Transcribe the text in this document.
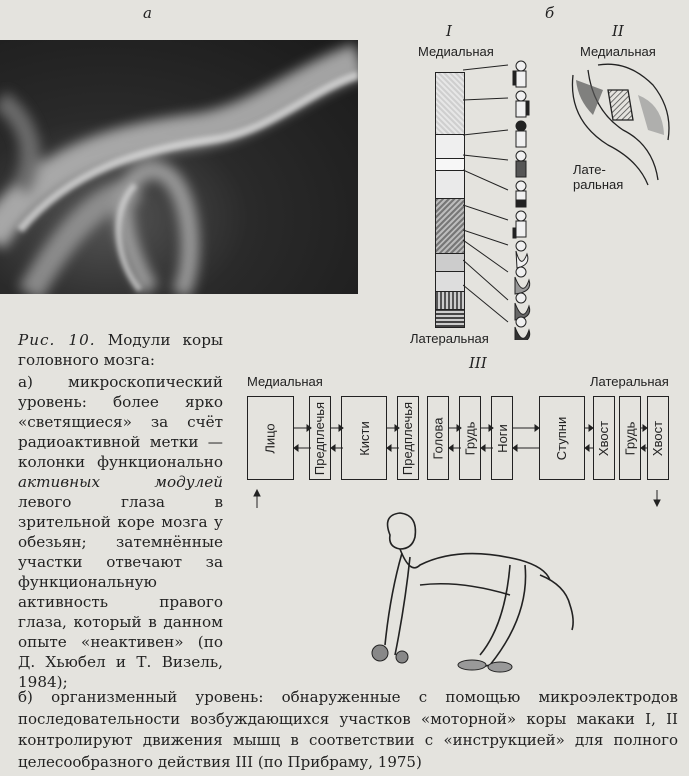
а	б
I	II
III
Медиальная
Латеральная
Медиальная
Лате-
ральная
Рис. 10. Модули коры головного мозга:
а) микроскопический уровень: более ярко «светящиеся» за счёт радиоактивной метки — колонки функционально активных модулей левого глаза в зрительной коре мозга у обезьян; затемнённые участки отвечают за функциональную активность правого глаза, который в данном опыте «неактивен» (по Д. Хьюбел и Т. Визель, 1984);
Медиальная	Латеральная
Лицо	Предплечья Кисти Предплечья Голова Грудь Ноги	Ступни Хвост Грудь Хвост
б) организменный уровень: обнаруженные с помощью микроэлектродов последовательности возбуждающихся участков «моторной» коры макаки I, II контролируют движения мышц в соответствии с «инструкцией» для полного целесообразного действия III (по Прибраму, 1975)
